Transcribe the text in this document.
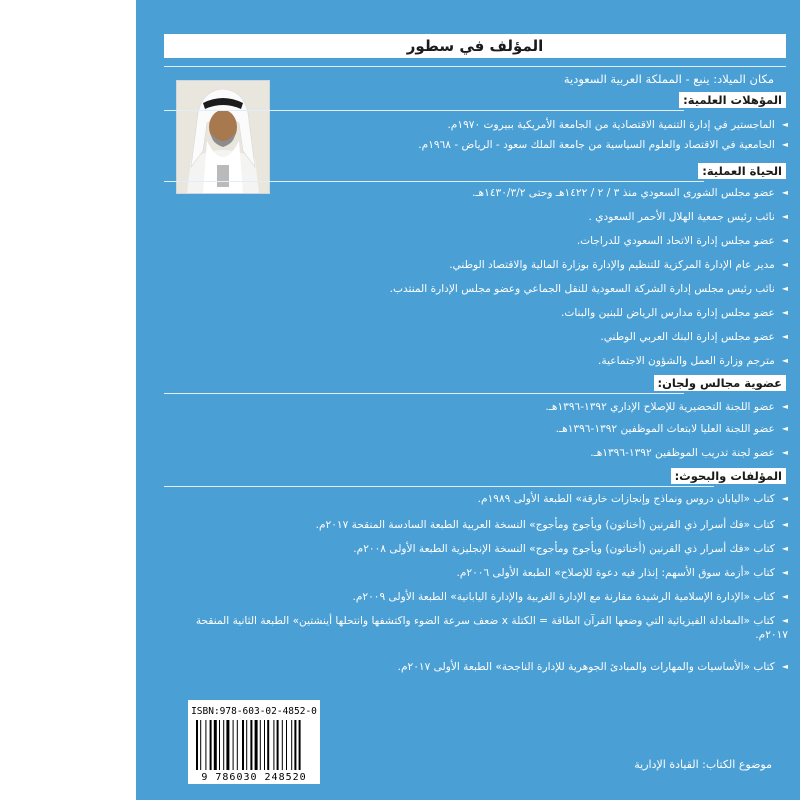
المؤلف في سطور
مكان الميلاد: ينبع - المملكة العربية السعودية
المؤهلات العلمية:
◄ الماجستير في إدارة التنمية الاقتصادية من الجامعة الأمريكية ببيروت ١٩٧٠م.
◄ الجامعية في الاقتصاد والعلوم السياسية من جامعة الملك سعود - الرياض - ١٩٦٨م.
الحياة العملية:
◄ عضو مجلس الشورى السعودي منذ ٣ / ٢ / ١٤٢٢هـ وحتى ١٤٣٠/٣/٢هـ.
◄ نائب رئيس جمعية الهلال الأحمر السعودي .
◄ عضو مجلس إدارة الاتحاد السعودي للدراجات.
◄ مدير عام الإدارة المركزية للتنظيم والإدارة بوزارة المالية والاقتصاد الوطني.
◄ نائب رئيس مجلس إدارة الشركة السعودية للنقل الجماعي وعضو مجلس الإدارة المنتدب.
◄ عضو مجلس إدارة مدارس الرياض للبنين والبنات.
◄ عضو مجلس إدارة البنك العربي الوطني.
◄ مترجم وزارة العمل والشؤون الاجتماعية.
عضوية مجالس ولجان:
◄ عضو اللجنة التحضيرية للإصلاح الإداري ١٣٩٢-١٣٩٦هـ.
◄ عضو اللجنة العليا لابتعاث الموظفين ١٣٩٢-١٣٩٦هـ.
◄ عضو لجنة تدريب الموظفين ١٣٩٢-١٣٩٦هـ.
المؤلفات والبحوث:
◄ كتاب «اليابان دروس ونماذج وإنجازات خارقة» الطبعة الأولى ١٩٨٩م.
◄ كتاب «فك أسرار ذي القرنين (أخناتون) ويأجوج ومأجوج» النسخة العربية الطبعة السادسة المنقحة ٢٠١٧م.
◄ كتاب «فك أسرار ذي القرنين (أخناتون) ويأجوج ومأجوج» النسخة الإنجليزية الطبعة الأولى ٢٠٠٨م.
◄ كتاب «أزمة سوق الأسهم: إنذار فيه دعوة للإصلاح» الطبعة الأولى ٢٠٠٦م.
◄ كتاب «الإدارة الإسلامية الرشيدة مقارنة مع الإدارة الغربية والإدارة اليابانية» الطبعة الأولى ٢٠٠٩م.
◄ كتاب «المعادلة الفيزيائية التي وضعها القرآن الطاقة = الكتلة x ضعف سرعة الضوء واكتشفها وانتحلها أينشتين» الطبعة الثانية المنقحة ٢٠١٧م.
◄ كتاب «الأساسيات والمهارات والمبادئ الجوهرية للإدارة الناجحة» الطبعة الأولى ٢٠١٧م.
ISBN:978-603-02-4852-0
9 786030 248520
موضوع الكتاب: القيادة الإدارية
